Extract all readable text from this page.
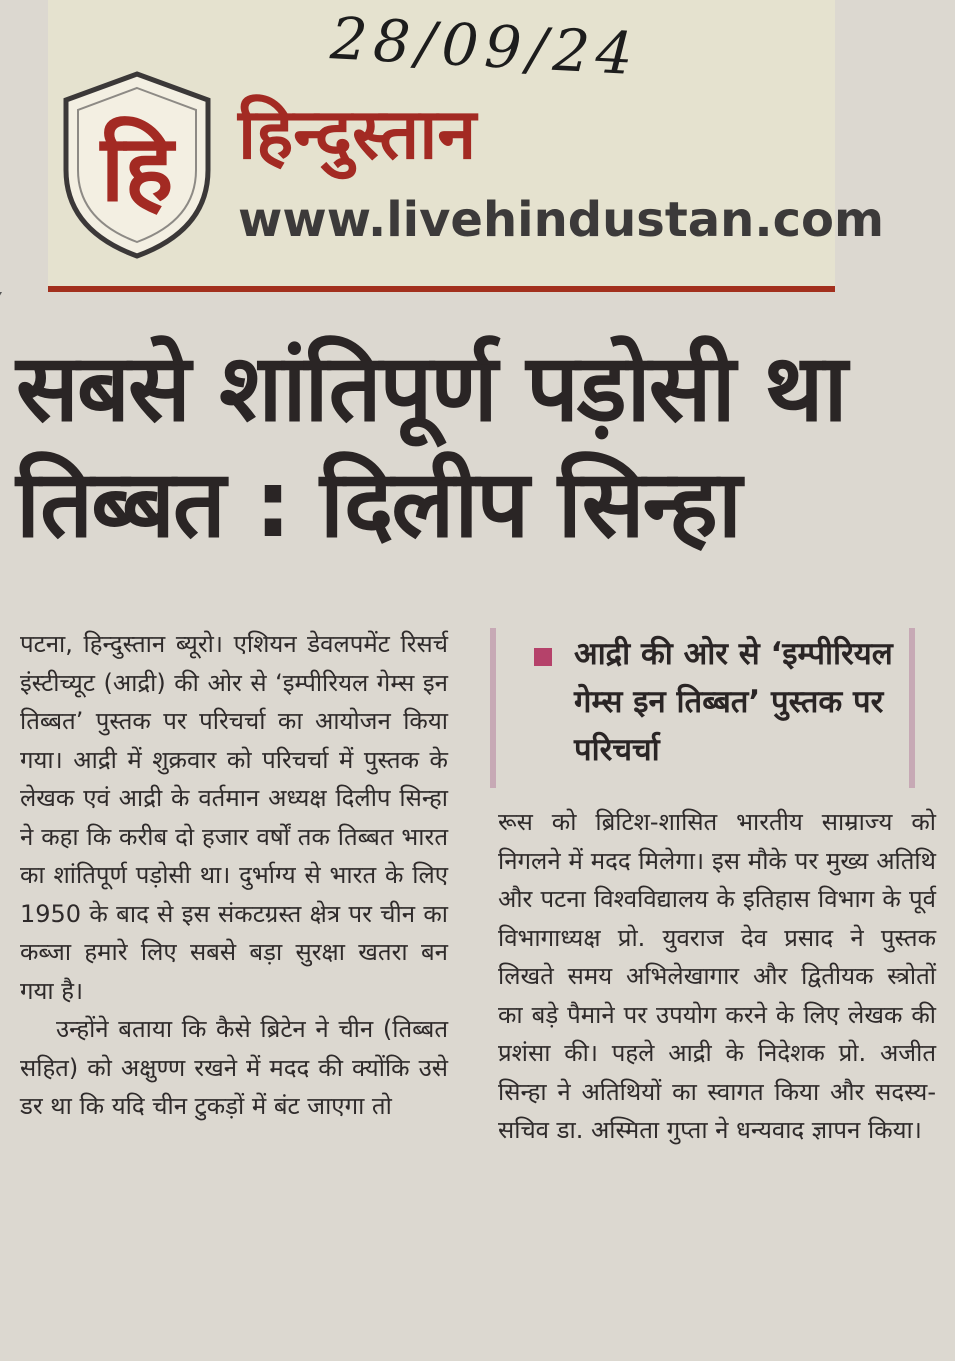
28/09/24
हि हिन्दुस्तान
www.livehindustan.com
सबसे शांतिपूर्ण पड़ोसी था
तिब्बत : दिलीप सिन्हा

पटना, हिन्दुस्तान ब्यूरो। एशियन डेवलपमेंट रिसर्च इंस्टीच्यूट (आद्री) की ओर से ‘इम्पीरियल गेम्स इन तिब्बत’ पुस्तक पर परिचर्चा का आयोजन किया गया। आद्री में शुक्रवार को परिचर्चा में पुस्तक के लेखक एवं आद्री के वर्तमान अध्यक्ष दिलीप सिन्हा ने कहा कि करीब दो हजार वर्षों तक तिब्बत भारत का शांतिपूर्ण पड़ोसी था। दुर्भाग्य से भारत के लिए 1950 के बाद से इस संकटग्रस्त क्षेत्र पर चीन का कब्जा हमारे लिए सबसे बड़ा सुरक्षा खतरा बन गया है।

उन्होंने बताया कि कैसे ब्रिटेन ने चीन (तिब्बत सहित) को अक्षुण्ण रखने में मदद की क्योंकि उसे डर था कि यदि चीन टुकड़ों में बंट जाएगा तो

आद्री की ओर से ‘इम्पीरियल गेम्स इन तिब्बत’ पुस्तक पर परिचर्चा

रूस को ब्रिटिश-शासित भारतीय साम्राज्य को निगलने में मदद मिलेगा। इस मौके पर मुख्य अतिथि और पटना विश्वविद्यालय के इतिहास विभाग के पूर्व विभागाध्यक्ष प्रो. युवराज देव प्रसाद ने पुस्तक लिखते समय अभिलेखागार और द्वितीयक स्त्रोतों का बड़े पैमाने पर उपयोग करने के लिए लेखक की प्रशंसा की। पहले आद्री के निदेशक प्रो. अजीत सिन्हा ने अतिथियों का स्वागत किया और सदस्य-सचिव डा. अस्मिता गुप्ता ने धन्यवाद ज्ञापन किया।
